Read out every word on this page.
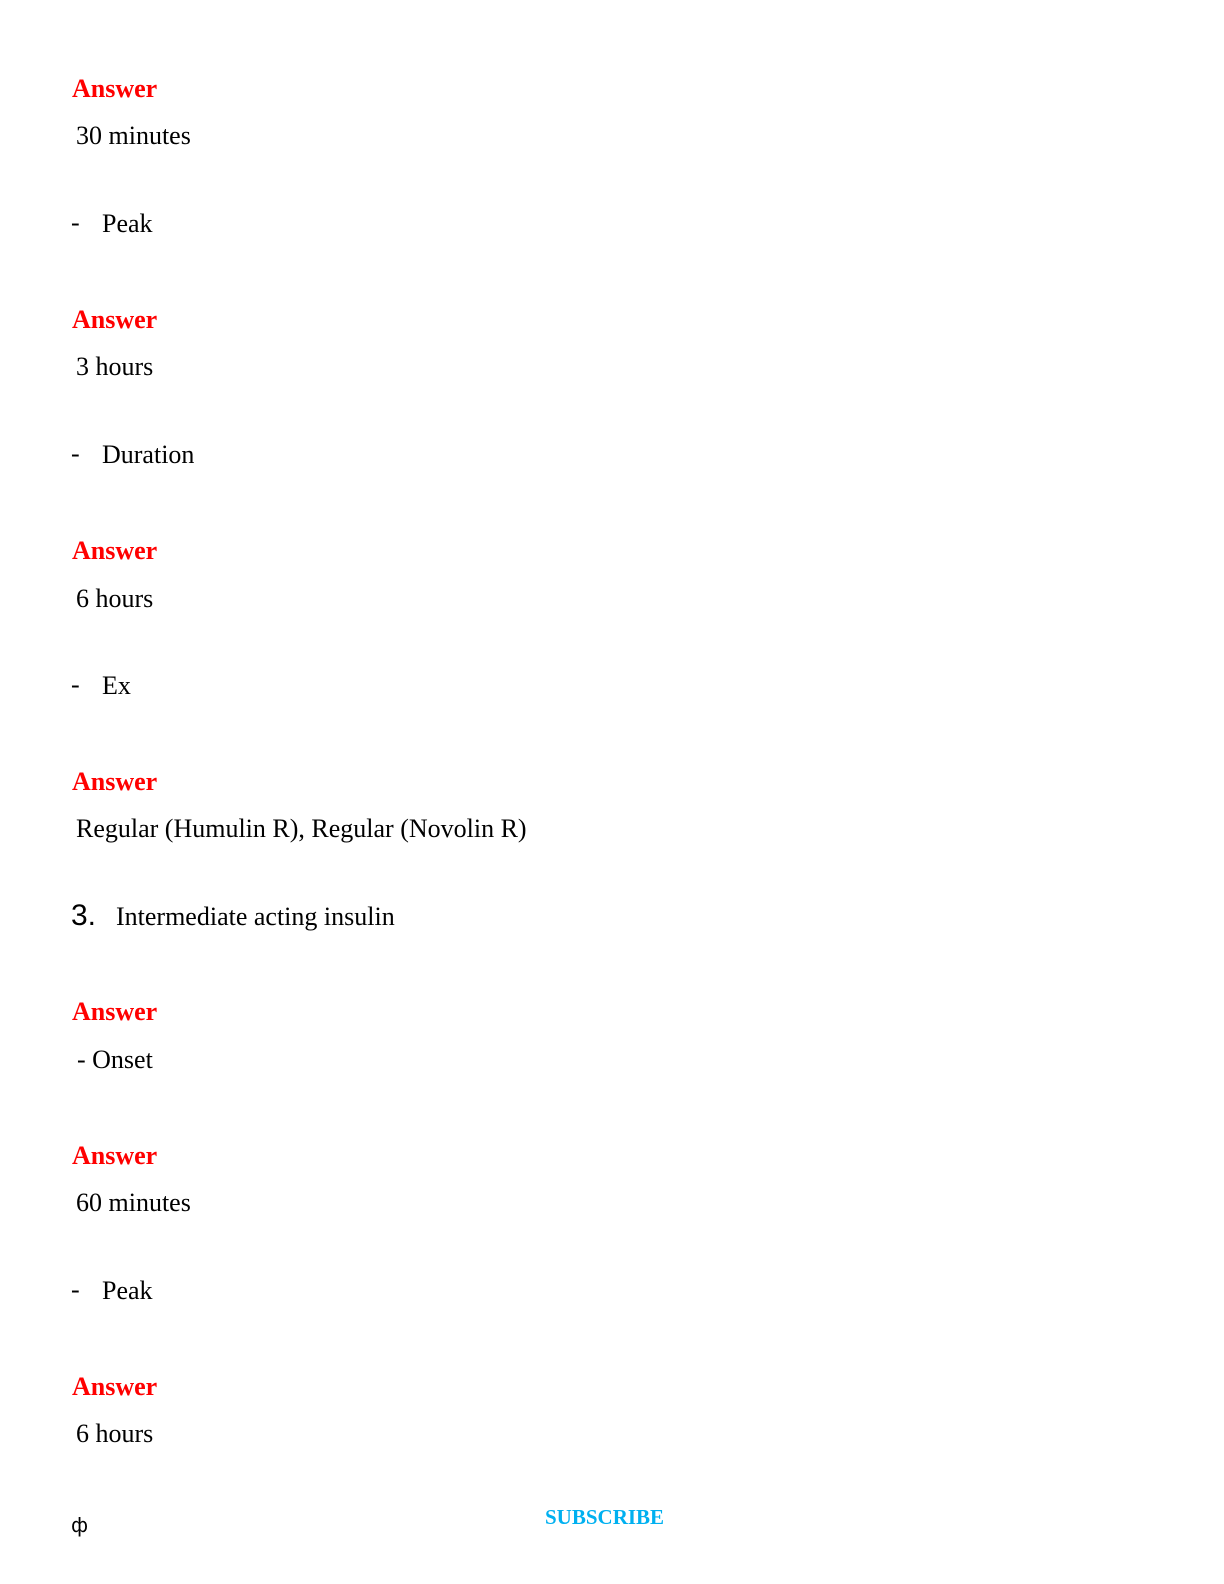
Answer
30 minutes
- Peak
Answer
3 hours
- Duration
Answer
6 hours
- Ex
Answer
Regular (Humulin R), Regular (Novolin R)
3. Intermediate acting insulin
Answer
- Onset
Answer
60 minutes
- Peak
Answer
6 hours
ф	SUBSCRIBE
